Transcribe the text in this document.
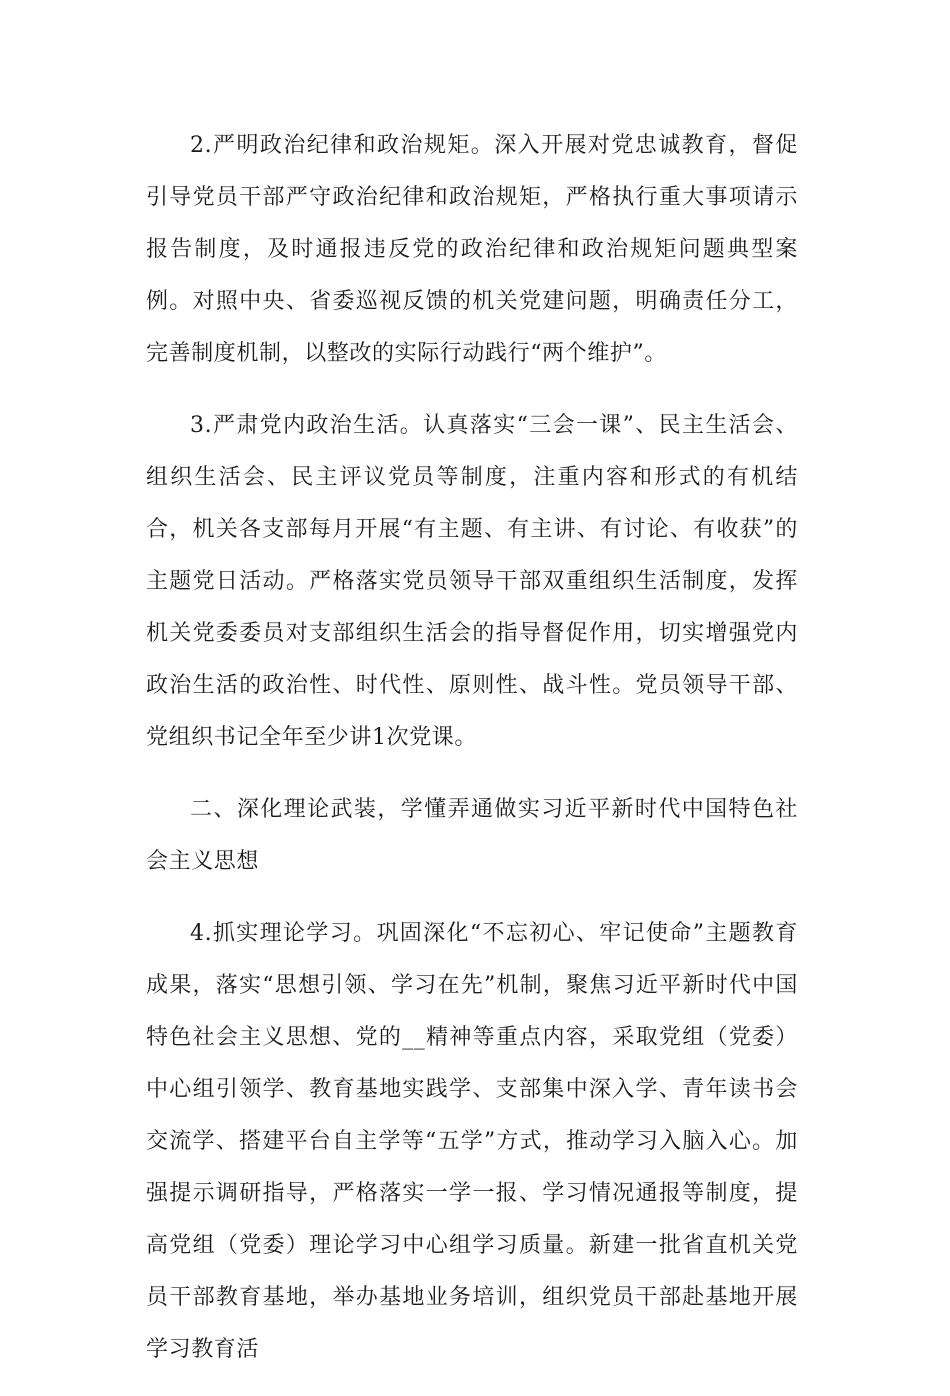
2.严明政治纪律和政治规矩。深入开展对党忠诚教育，督促引导党员干部严守政治纪律和政治规矩，严格执行重大事项请示报告制度，及时通报违反党的政治纪律和政治规矩问题典型案例。对照中央、省委巡视反馈的机关党建问题，明确责任分工，完善制度机制，以整改的实际行动践行“两个维护”。

3.严肃党内政治生活。认真落实“三会一课”、民主生活会、组织生活会、民主评议党员等制度，注重内容和形式的有机结合，机关各支部每月开展“有主题、有主讲、有讨论、有收获”的主题党日活动。严格落实党员领导干部双重组织生活制度，发挥机关党委委员对支部组织生活会的指导督促作用，切实增强党内政治生活的政治性、时代性、原则性、战斗性。党员领导干部、党组织书记全年至少讲1次党课。

二、深化理论武装，学懂弄通做实习近平新时代中国特色社会主义思想

4.抓实理论学习。巩固深化“不忘初心、牢记使命”主题教育成果，落实“思想引领、学习在先”机制，聚焦习近平新时代中国特色社会主义思想、党的__精神等重点内容，采取党组（党委）中心组引领学、教育基地实践学、支部集中深入学、青年读书会交流学、搭建平台自主学等“五学”方式，推动学习入脑入心。加强提示调研指导，严格落实一学一报、学习情况通报等制度，提高党组（党委）理论学习中心组学习质量。新建一批省直机关党员干部教育基地，举办基地业务培训，组织党员干部赴基地开展学习教育活
